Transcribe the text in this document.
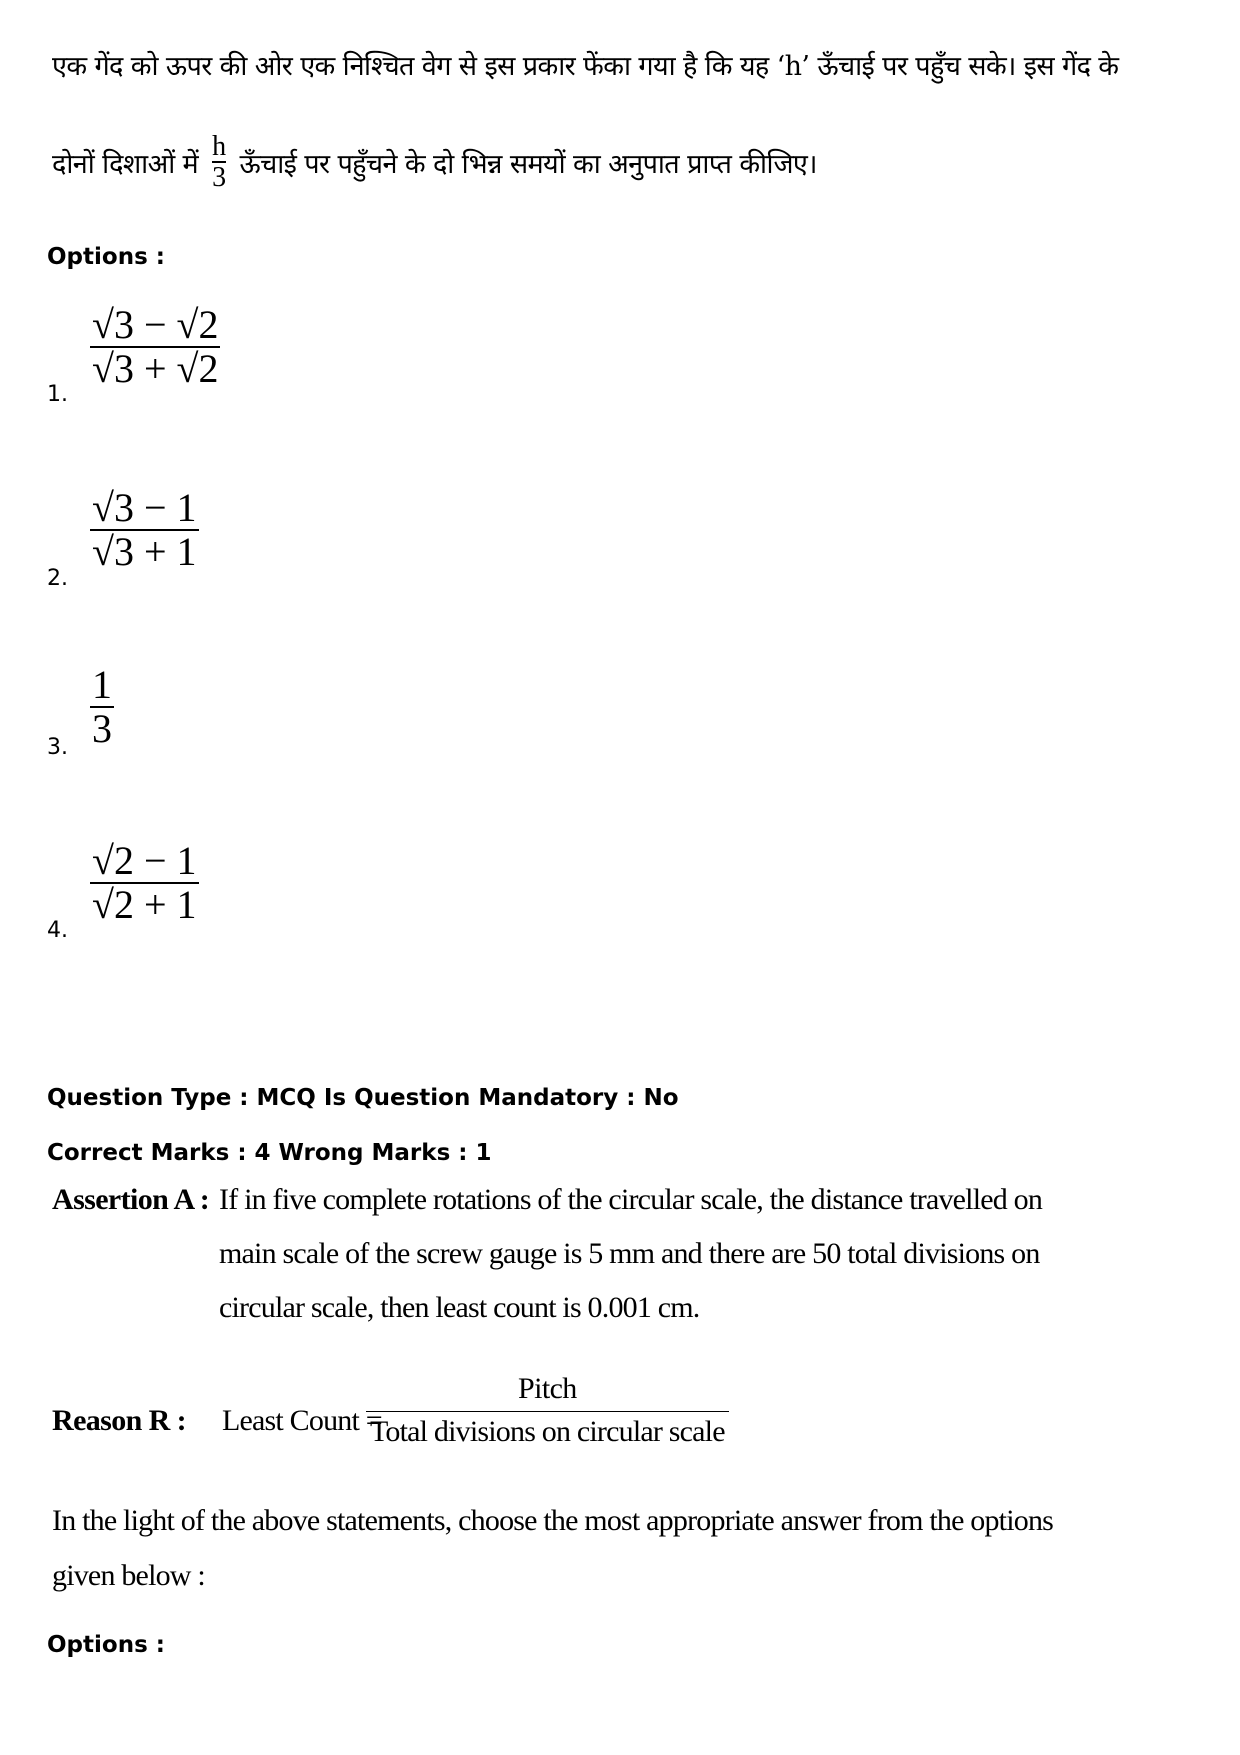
एक गेंद को ऊपर की ओर एक निश्चित वेग से इस प्रकार फेंका गया है कि यह ‘h’ ऊँचाई पर पहुँच सके। इस गेंद के
दोनों दिशाओं में $\frac{h}{3}$ ऊँचाई पर पहुँचने के दो भिन्न समयों का अनुपात प्राप्त कीजिए।
Options :
1.
√3 − √2
√3 + √2
2.
√3 − 1
√3 + 1
3.
1
3
4.
√2 − 1
√2 + 1
Question Type : MCQ Is Question Mandatory : No
Correct Marks : 4 Wrong Marks : 1
Assertion A : If in five complete rotations of the circular scale, the distance travelled on
main scale of the screw gauge is 5 mm and there are 50 total divisions on
circular scale, then least count is 0.001 cm.
Reason R : Least Count =
Pitch
Total divisions on circular scale
In the light of the above statements, choose the most appropriate answer from the options
given below :
Options :
